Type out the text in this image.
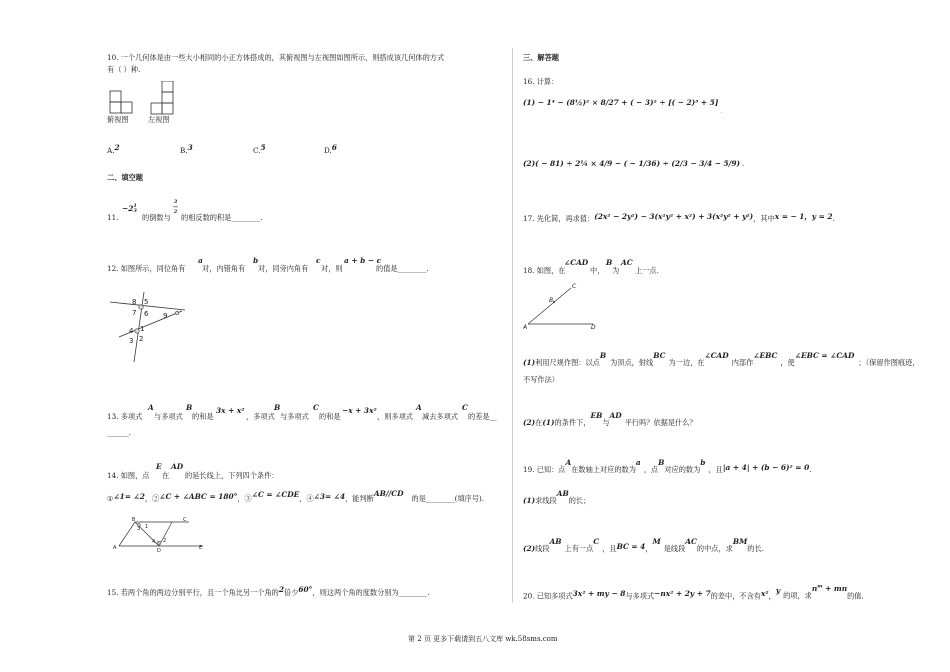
10. 一个几何体是由一些大小相同的小正方体搭成的，其俯视图与左视图如图所示，则搭成该几何体的方式
有（ ）种.
俯视图	左视图
A.2	B.3	C.5	D.6
二、填空题
11.
−21
3
的倒数与
3
—
2
的相反数的积是________.
12. 如图所示，同位角有
a
对，内错角有
b
对，同旁内角有
c
对，则
a + b − c
的值是________.
8 5
7 6 9
4 1
3 2
13. 多项式
A
与多项式
B
的和是
3x + x²
，多项式
B
与多项式
C
的和是
−x + 3x²
，则多项式
A
减去多项式
C
的差是__
______.
14. 如图，点
E
在
AD
的延长线上，下列四个条件：
①∠1= ∠2，②∠C + ∠ABC = 180°，③∠C = ∠CDE，④∠3= ∠4，能判断AB//CD的是________(填序号).
B	C
1
3
2
4
A	D	E
15. 若两个角的两边分别平行，且一个角比另一个角的2倍少60°，则这两个角的度数分别为________.
三、解答题
16. 计算：
(1) − 1⁴ − (8½)² × 8/27 + ( − 3)² ÷ [( − $2)^3 + 5]_.$
(2)( − 81) ÷ 2¼ × 4/9 − ( − 1/36) ÷ (2/3 − 3/4 − 5/9) .
17. 先化简，再求值：(2x² − 2y²) − 3(x²y² + x²) + 3(x²y² + y²)，其中x = − 1，y = 2.
18. 如图，在
∠CAD
中，
B
为
AC
上一点.
C
B
A	D
(1)利用尺规作图：以点B为顶点，射线BC为一边，在∠CAD内部作∠EBC，使∠EBC = ∠CAD；（保留作图痕迹，
不写作法）
(2)在(1)的条件下，EB与AD平行吗？依据是什么？
19. 已知：点A在数轴上对应的数为a，点B对应的数为b，且|a + 4| + (b − 6)² = 0.
(1)求线段AB的长；
(2)线段AB上有一点C，且BC = 4，M是线段AC的中点，求BM的长.
20. 已知多项式3x² + my − 8与多项式−nx² + 2y + 7的差中，不含有x²，y的项，求$n^m$ + mn的值.
第 2 页 更多下载请到五八文库 wk.58sms.com
